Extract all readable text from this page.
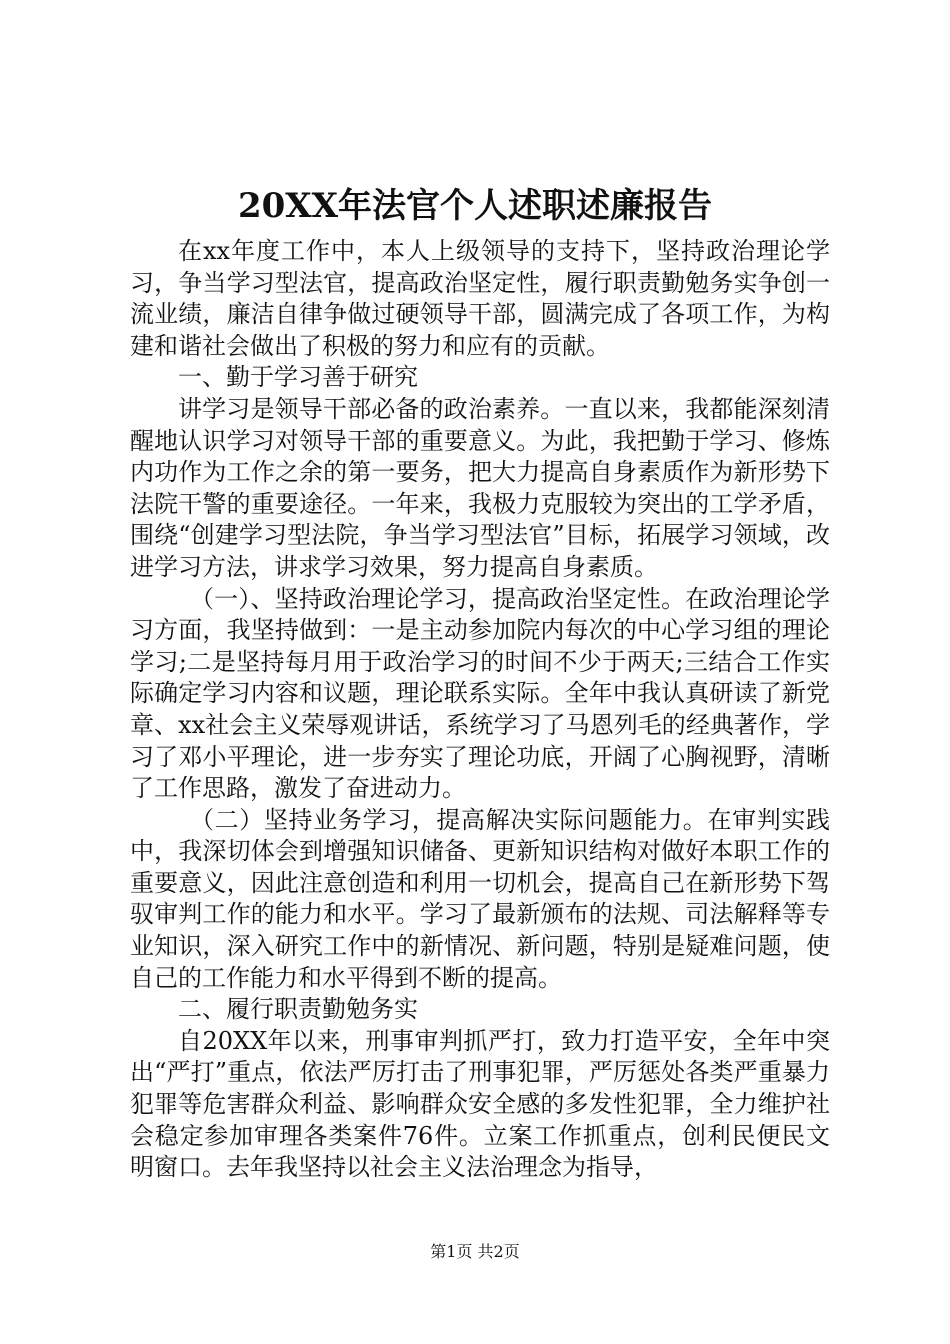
20XX年法官个人述职述廉报告

在xx年度工作中，本人上级领导的支持下，坚持政治理论学习，争当学习型法官，提高政治坚定性，履行职责勤勉务实争创一流业绩，廉洁自律争做过硬领导干部，圆满完成了各项工作，为构建和谐社会做出了积极的努力和应有的贡献。

一、勤于学习善于研究

讲学习是领导干部必备的政治素养。一直以来，我都能深刻清醒地认识学习对领导干部的重要意义。为此，我把勤于学习、修炼内功作为工作之余的第一要务，把大力提高自身素质作为新形势下法院干警的重要途径。一年来，我极力克服较为突出的工学矛盾，围绕“创建学习型法院，争当学习型法官”目标，拓展学习领域，改进学习方法，讲求学习效果，努力提高自身素质。

（一）、坚持政治理论学习，提高政治坚定性。在政治理论学习方面，我坚持做到：一是主动参加院内每次的中心学习组的理论学习;二是坚持每月用于政治学习的时间不少于两天;三结合工作实际确定学习内容和议题，理论联系实际。全年中我认真研读了新党章、xx社会主义荣辱观讲话，系统学习了马恩列毛的经典著作，学习了邓小平理论，进一步夯实了理论功底，开阔了心胸视野，清晰了工作思路，激发了奋进动力。

（二）坚持业务学习，提高解决实际问题能力。在审判实践中，我深切体会到增强知识储备、更新知识结构对做好本职工作的重要意义，因此注意创造和利用一切机会，提高自己在新形势下驾驭审判工作的能力和水平。学习了最新颁布的法规、司法解释等专业知识，深入研究工作中的新情况、新问题，特别是疑难问题，使自己的工作能力和水平得到不断的提高。

二、履行职责勤勉务实

自20XX年以来，刑事审判抓严打，致力打造平安，全年中突出“严打”重点，依法严厉打击了刑事犯罪，严厉惩处各类严重暴力犯罪等危害群众利益、影响群众安全感的多发性犯罪，全力维护社会稳定参加审理各类案件76件。立案工作抓重点，创利民便民文明窗口。去年我坚持以社会主义法治理念为指导，

第1页 共2页
